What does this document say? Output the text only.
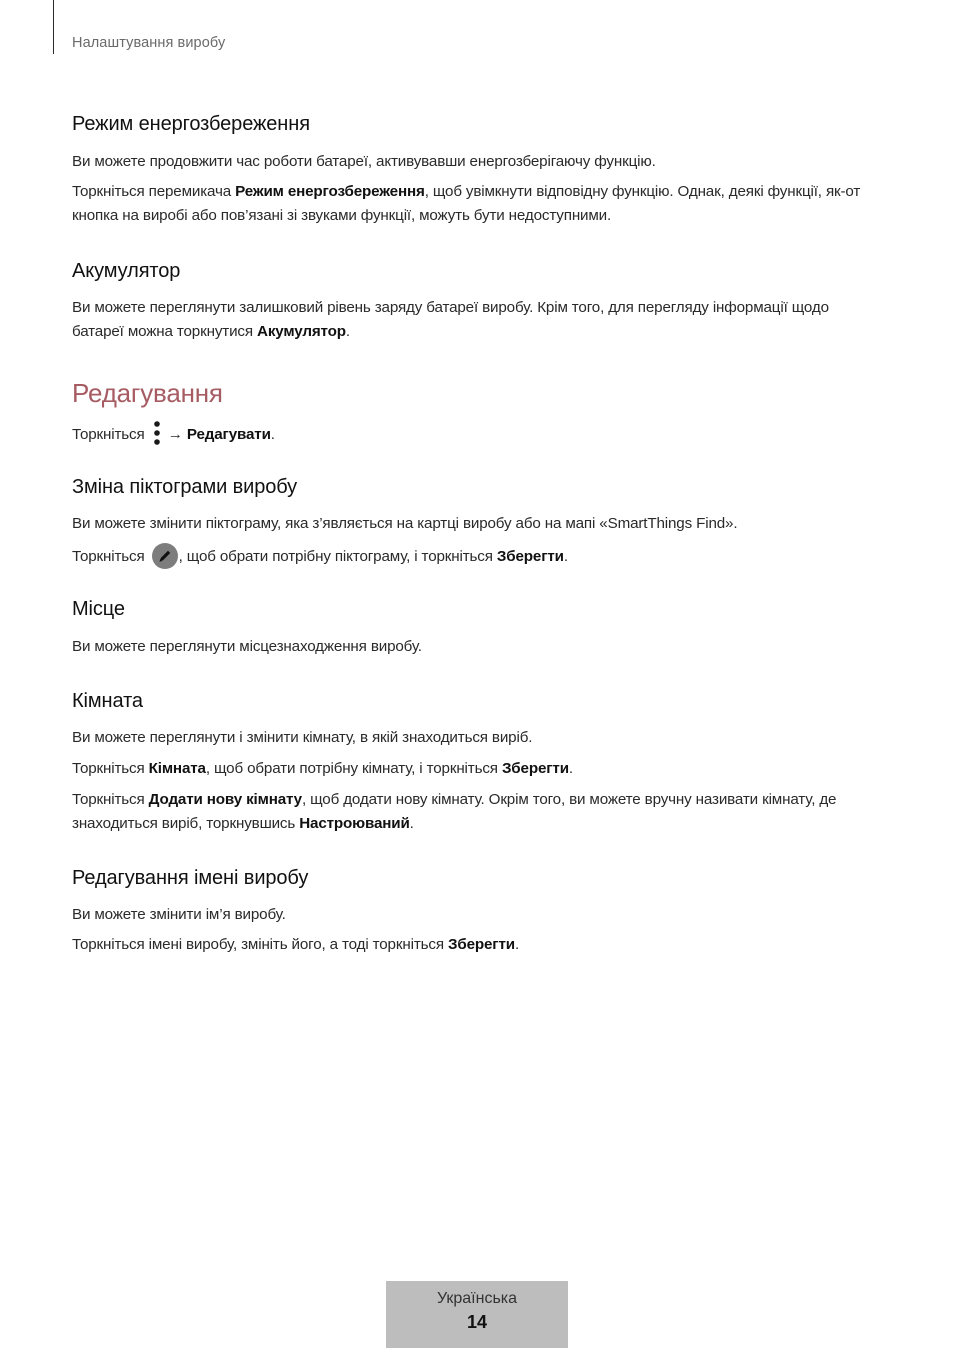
Налаштування виробу
Режим енергозбереження

Ви можете продовжити час роботи батареї, активувавши енергозберігаючу функцію.

Торкніться перемикача Режим енергозбереження, щоб увімкнути відповідну функцію. Однак, деякі функції, як-от кнопка на виробі або пов’язані зі звуками функції, можуть бути недоступними.

Акумулятор

Ви можете переглянути залишковий рівень заряду батареї виробу. Крім того, для перегляду інформації щодо батареї можна торкнутися Акумулятор.

Редагування

Торкніться  → Редагувати.

Зміна піктограми виробу

Ви можете змінити піктограму, яка з’являється на картці виробу або на мапі «SmartThings Find».

Торкніться
, щоб обрати потрібну піктограму, і торкніться Зберегти.

Місце

Ви можете переглянути місцезнаходження виробу.

Кімната

Ви можете переглянути і змінити кімнату, в якій знаходиться виріб.

Торкніться Кімната, щоб обрати потрібну кімнату, і торкніться Зберегти.

Торкніться Додати нову кімнату, щоб додати нову кімнату. Окрім того, ви можете вручну називати кімнату, де знаходиться виріб, торкнувшись Настроюваний.

Редагування імені виробу

Ви можете змінити ім’я виробу.

Торкніться імені виробу, змініть його, а тоді торкніться Зберегти.

Українська
14
